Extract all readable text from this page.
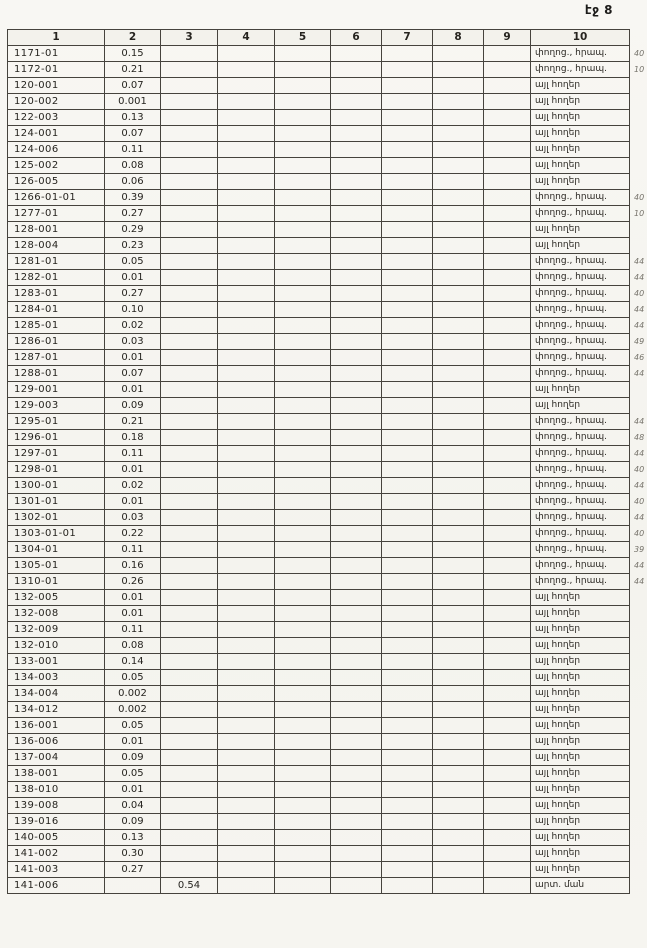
էջ 8
1	2	3	4	5	6	7	8	9	10	
1171-01	0.15								փողոց., հրապ.	40
1172-01	0.21								փողոց., հրապ.	10
120-001	0.07								այլ հողեր	
120-002	0.001								այլ հողեր	
122-003	0.13								այլ հողեր	
124-001	0.07								այլ հողեր	
124-006	0.11								այլ հողեր	
125-002	0.08								այլ հողեր	
126-005	0.06								այլ հողեր	
1266-01-01	0.39								փողոց., հրապ.	40
1277-01	0.27								փողոց., հրապ.	10
128-001	0.29								այլ հողեր	
128-004	0.23								այլ հողեր	
1281-01	0.05								փողոց., հրապ.	44
1282-01	0.01								փողոց., հրապ.	44
1283-01	0.27								փողոց., հրապ.	40
1284-01	0.10								փողոց., հրապ.	44
1285-01	0.02								փողոց., հրապ.	44
1286-01	0.03								փողոց., հրապ.	49
1287-01	0.01								փողոց., հրապ.	46
1288-01	0.07								փողոց., հրապ.	44
129-001	0.01								այլ հողեր	
129-003	0.09								այլ հողեր	
1295-01	0.21								փողոց., հրապ.	44
1296-01	0.18								փողոց., հրապ.	48
1297-01	0.11								փողոց., հրապ.	44
1298-01	0.01								փողոց., հրապ.	40
1300-01	0.02								փողոց., հրապ.	44
1301-01	0.01								փողոց., հրապ.	40
1302-01	0.03								փողոց., հրապ.	44
1303-01-01	0.22								փողոց., հրապ.	40
1304-01	0.11								փողոց., հրապ.	39
1305-01	0.16								փողոց., հրապ.	44
1310-01	0.26								փողոց., հրապ.	44
132-005	0.01								այլ հողեր	
132-008	0.01								այլ հողեր	
132-009	0.11								այլ հողեր	
132-010	0.08								այլ հողեր	
133-001	0.14								այլ հողեր	
134-003	0.05								այլ հողեր	
134-004	0.002								այլ հողեր	
134-012	0.002								այլ հողեր	
136-001	0.05								այլ հողեր	
136-006	0.01								այլ հողեր	
137-004	0.09								այլ հողեր	
138-001	0.05								այլ հողեր	
138-010	0.01								այլ հողեր	
139-008	0.04								այլ հողեր	
139-016	0.09								այլ հողեր	
140-005	0.13								այլ հողեր	
141-002	0.30								այլ հողեր	
141-003	0.27								այլ հողեր	
141-006		0.54							արտ. ման	
